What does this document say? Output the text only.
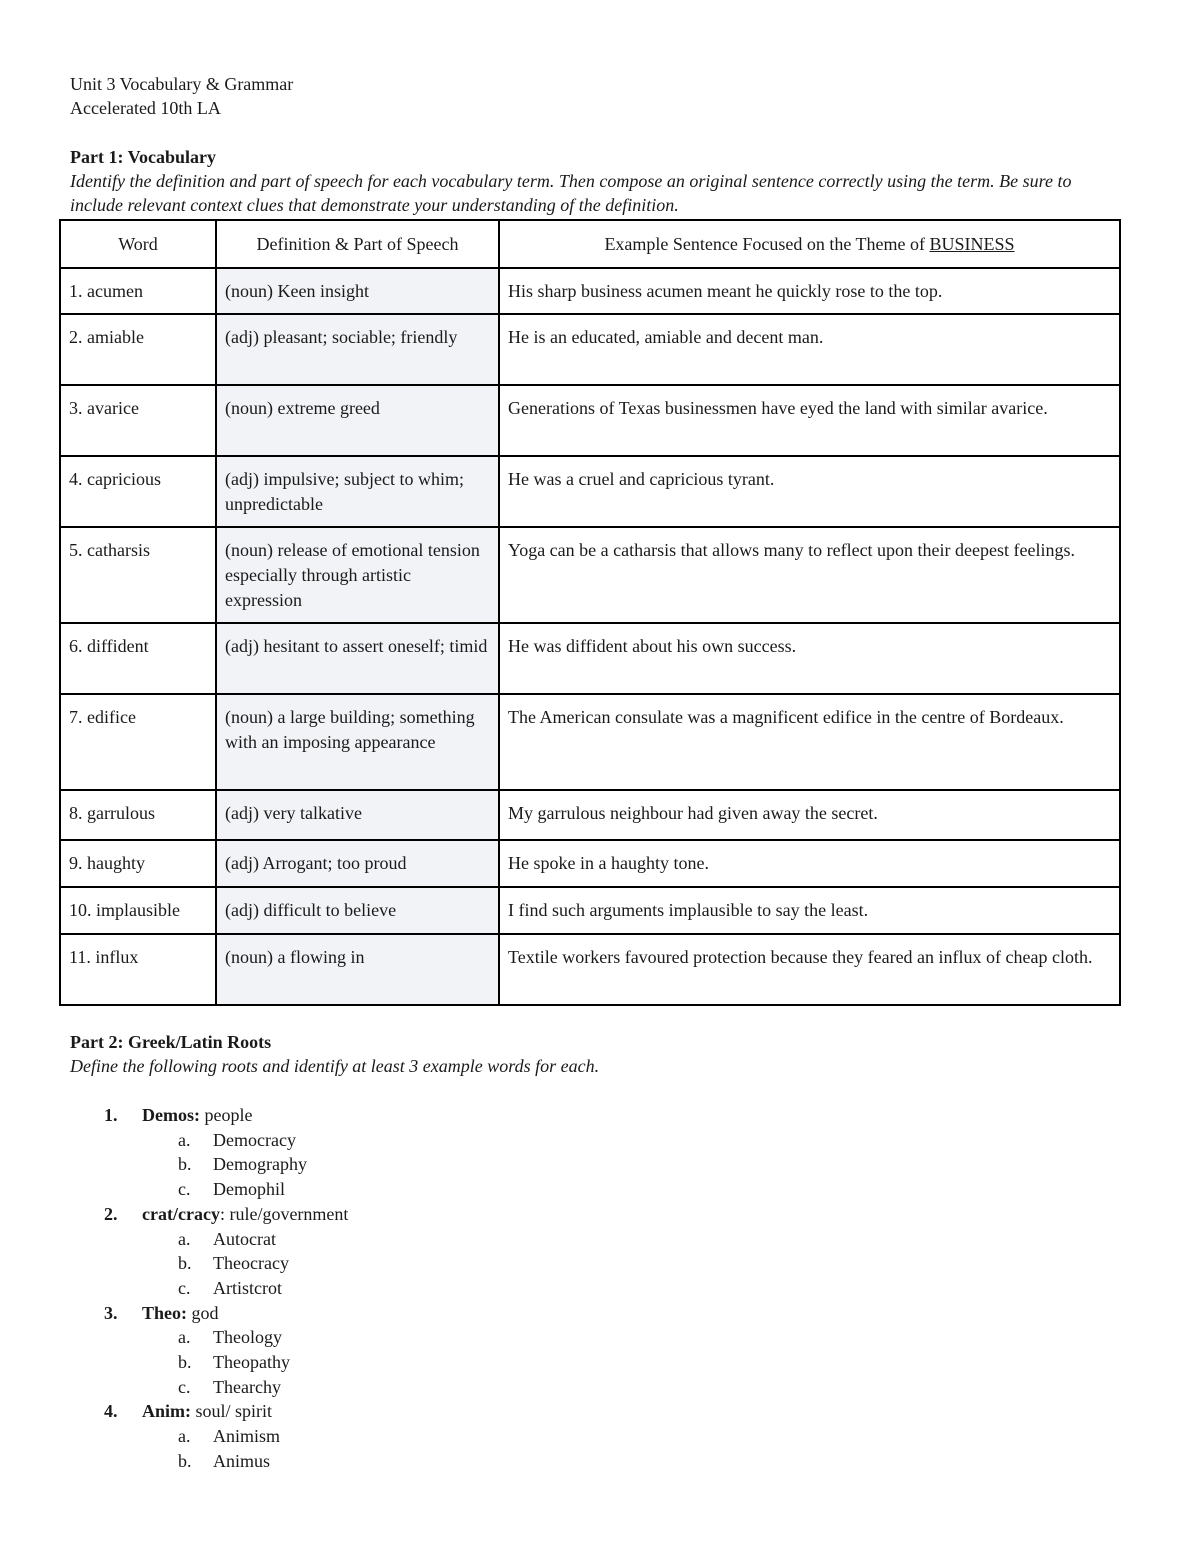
Unit 3 Vocabulary & Grammar
Accelerated 10th LA
Part 1: Vocabulary
Identify the definition and part of speech for each vocabulary term. Then compose an original sentence correctly using the term. Be sure to include relevant context clues that demonstrate your understanding of the definition.
Word	Definition & Part of Speech	Example Sentence Focused on the Theme of BUSINESS
1. acumen	(noun) Keen insight	His sharp business acumen meant he quickly rose to the top.
2. amiable	(adj) pleasant; sociable; friendly	He is an educated, amiable and decent man.
3. avarice	(noun) extreme greed	Generations of Texas businessmen have eyed the land with similar avarice.
4. capricious	(adj) impulsive; subject to whim; unpredictable	He was a cruel and capricious tyrant.
5. catharsis	(noun) release of emotional tension especially through artistic expression	Yoga can be a catharsis that allows many to reflect upon their deepest feelings.
6. diffident	(adj) hesitant to assert oneself; timid	He was diffident about his own success.
7. edifice	(noun) a large building; something with an imposing appearance	The American consulate was a magnificent edifice in the centre of Bordeaux.
8. garrulous	(adj) very talkative	My garrulous neighbour had given away the secret.
9. haughty	(adj) Arrogant; too proud	He spoke in a haughty tone.
10. implausible	(adj) difficult to believe	I find such arguments implausible to say the least.
11. influx	(noun) a flowing in	Textile workers favoured protection because they feared an influx of cheap cloth.
Part 2: Greek/Latin Roots
Define the following roots and identify at least 3 example words for each.
1. Demos: people
a. Democracy
b. Demography
c. Demophil
2. crat/cracy: rule/government
a. Autocrat
b. Theocracy
c. Artistcrot
3. Theo: god
a. Theology
b. Theopathy
c. Thearchy
4. Anim: soul/ spirit
a. Animism
b. Animus
